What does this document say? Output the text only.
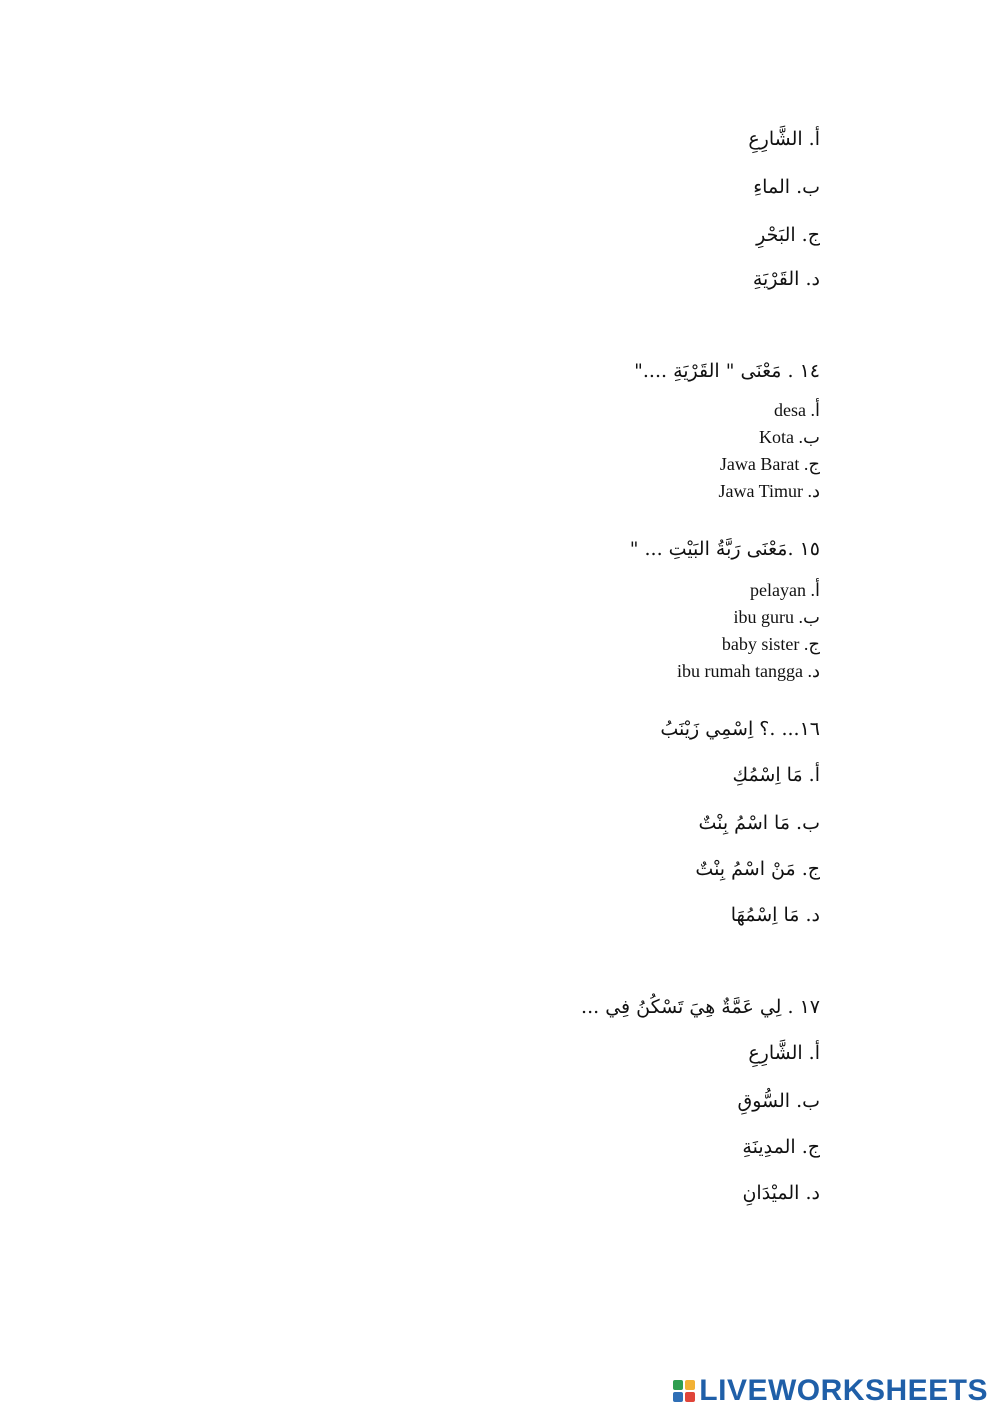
أ. الشَّارِعِ
ب. الماءِ
ج. البَحْرِ
د. القَرْيَةِ
١٤ . مَعْنَى " القَرْيَةِ ...."
أ. desa
ب. Kota
ج. Jawa Barat
د. Jawa Timur
١٥ .مَعْنَى رَبَّةُ البَيْتِ ... "
أ. pelayan
ب. ibu guru
ج. baby sister
د. ibu rumah tangga
١٦... .؟ اِسْمِي زَيْنَبُ
أ. مَا اِسْمُكِ
ب. مَا اسْمُ بِنْتٌ
ج. مَنْ اسْمُ بِنْتٌ
د. مَا اِسْمُهَا
١٧ . لِي عَمَّةٌ هِيَ تَسْكُنُ فِي ...
أ. الشَّارِعِ
ب. السُّوقِ
ج. المدِينَةِ
د. الميْدَانِ
LIVEWORKSHEETS
